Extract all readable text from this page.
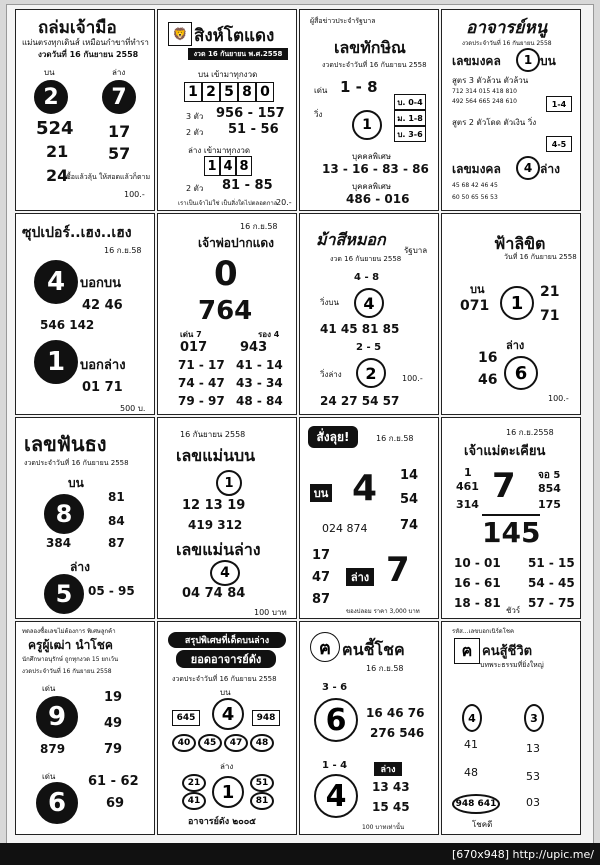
ถล่มเจ้ามือ
แม่นตรงทุกเดินส์ เหมือนกำขาที่ทำรา
งวดวันที่ 16 กันยายน 2558
บน	ล่าง
2	7
524 17
21 57
24
ซื้อแล้วลุ้น ให้สอดแล้วก็ตาม
100.-
🦁 สิงห์โตแดง
งวด 16 กันยายน พ.ศ.2558
บน เข้ามาทุกงวด
1 2 5 8 0
3 ตัว 956 - 157
2 ตัว 51 - 56
ล่าง เข้ามาทุกงวด
1 4 8
2 ตัว 81 - 85
เราเป็นเจ้าไม่ใช่ เป็นสิ่งใดไปตลอดกาล
20.-
ผู้สื่อข่าวประจำรัฐบาล
เลขทักษิณ
งวดประจำวันที่ 16 กันยายน 2558
เด่น 1 - 8
วิ่ง
1
บ. 0-4
ม. 1-8
บ. 3-6
บุคคลพิเศษ
13 - 16 - 83 - 86
บุคคลพิเศษ
486 - 016
อาจารย์หนู
งวดประจำวันที่ 16 กันยายน 2558
เลขมงคล	1 บน
สูตร 3 ตัวล้วน ตัวล้วน
712 314 015 418 810
492 564 665 248 610
สูตร 2 ตัวโดด ตัวเงิน วิ่ง
1-4
4-5
เลขมงคล	4 ล่าง
45 68 42 46 45
60 50 65 56 53
ซุปเปอร์..เฮง..เฮง
16 ก.ย.58
4	บอกบน
42 46
546 142
1	บอกล่าง
01 71
500 บ.
16 ก.ย.58
เจ้าพ่อปากแดง
0
764
เด่น 7	รอง 4
017	943
71 - 17 41 - 14
74 - 47 43 - 34
79 - 97 48 - 84
ม้าสีหมอก
รัฐบาล
งวด 16 กันยายน 2558
4 - 8
วิ่งบน	4
41 45 81 85
2 - 5
วิ่งล่าง	2	100.-
24 27 54 57
ฟ้าลิขิต
วันที่ 16 กันยายน 2558
บน
071	1
21
71
ล่าง
16
46 6
100.-
เลขฟันธง
งวดประจำวันที่ 16 กันยายน 2558
บน
8
81
84
384	87
ล่าง
5	05 - 95
16 กันยายน 2558
เลขแม่นบน
1
12 13 19
419 312
เลขแม่นล่าง
4
04 74 84
100 บาท
สั่งลุย!	16 ก.ย.58
บน 4 14
54
74
024 874
17
47
87
ล่าง 7
ของปลอม ราคา 3,000 บาท
16 ก.ย.2558
เจ้าแม่ตะเคียน
1
461
314 7 จอ 5
854
175
145
10 - 01 51 - 15
16 - 61 54 - 45
18 - 81 57 - 75
ชัวร์
ทดลองซื้อเลขไม่ต้องการ พิเศษลูกค้า
ครูผู้เฒ่า นำโชค
นักศึกษาอนุรักษ์ ถูกทุกงวด 15 ยกเว้น
งวดประจำวันที่ 16 กันยายน 2558
เด่น
9
19
49
879	79
เด่น
6
61 - 62
69
สรุปพิเศษที่เด็ดบนล่าง
ยอดอาจารย์ดัง
งวดประจำวันที่ 16 กันยายน 2558
บน
645	4	948
40	45	47	48
ล่าง
21
41	1	51
81
อาจารย์ดัง ๒๐๐๕
ฅ ฅนชี้โชค
16 ก.ย.58
3 - 6
6	16 46 76
276 546
1 - 4
4
ล่าง
13 43
15 45
100 บาทเท่านั้น
รหัส...เลขบอกเนิร์ดโชค
ฅ คนสู้ชีวิต
บทพระธรรมที่ยิ่งใหญ่
4	3
41	13
48	53
948 641	03
โชคดี
[670x948] http://upic.me/
